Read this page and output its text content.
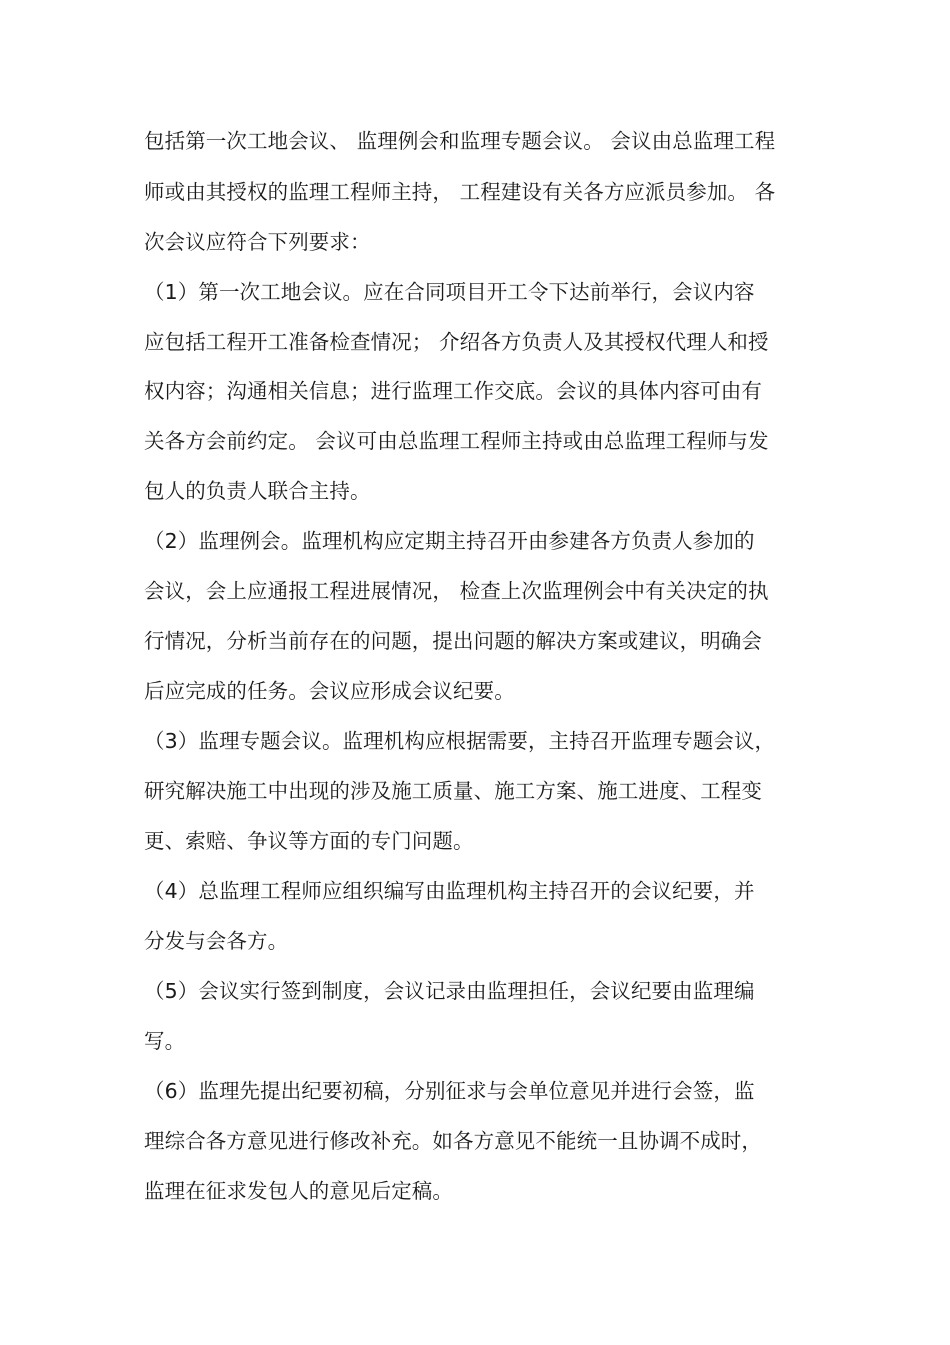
包括第一次工地会议、 监理例会和监理专题会议。 会议由总监理工程

师或由其授权的监理工程师主持， 工程建设有关各方应派员参加。 各

次会议应符合下列要求：

（1）第一次工地会议。应在合同项目开工令下达前举行，会议内容

应包括工程开工准备检查情况； 介绍各方负责人及其授权代理人和授

权内容；沟通相关信息；进行监理工作交底。会议的具体内容可由有

关各方会前约定。 会议可由总监理工程师主持或由总监理工程师与发

包人的负责人联合主持。

（2）监理例会。监理机构应定期主持召开由参建各方负责人参加的

会议，会上应通报工程进展情况， 检查上次监理例会中有关决定的执

行情况，分析当前存在的问题，提出问题的解决方案或建议，明确会

后应完成的任务。会议应形成会议纪要。

（3）监理专题会议。监理机构应根据需要，主持召开监理专题会议，

研究解决施工中出现的涉及施工质量、施工方案、施工进度、工程变

更、索赔、争议等方面的专门问题。

（4）总监理工程师应组织编写由监理机构主持召开的会议纪要，并

分发与会各方。

（5）会议实行签到制度，会议记录由监理担任，会议纪要由监理编

写。

（6）监理先提出纪要初稿，分别征求与会单位意见并进行会签，监

理综合各方意见进行修改补充。如各方意见不能统一且协调不成时，

监理在征求发包人的意见后定稿。
